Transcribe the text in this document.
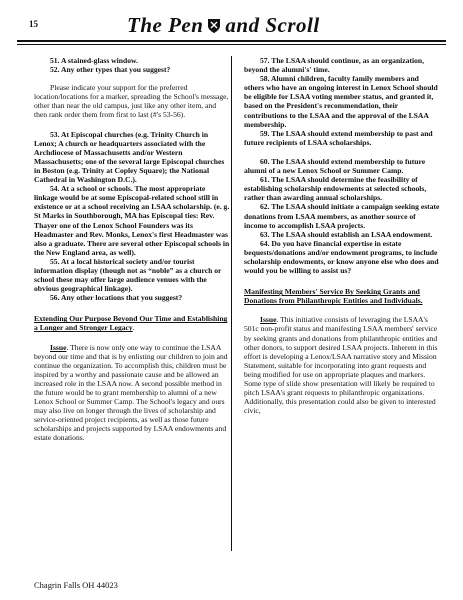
15	The Pen and Scroll

51. A stained-glass window.

52. Any other types that you suggest?

Please indicate your support for the preferred location/locations for a marker, spreading the School's message, other than near the old campus, just like any other item, and then rank order them from first to last (#'s 53-56).

53. At Episcopal churches (e.g. Trinity Church in Lenox; A church or headquarters associated with the Archdiocese of Massachusetts and/or Western Massachusetts; one of the several large Episcopal churches in Boston (e.g. Trinity at Copley Square); the National Cathedral in Washington D.C.).

54. At a school or schools. The most appropriate linkage would be at some Episcopal-related school still in existence or at a school receiving an LSAA scholarship. (e. g. St Marks in Southborough, MA has Episcopal ties: Rev. Thayer one of the Lenox School Founders was its Headmaster and Rev. Monks, Lenox's first Headmaster was also a graduate. There are several other Episcopal schools in the New England area, as well).

55. At a local historical society and/or tourist information display (though not as “noble” as a church or school these may offer large audience venues with the obvious geographical linkage).

56. Any other locations that you suggest?

Extending Our Purpose Beyond Our Time and Establishing a Longer and Stronger Legacy.

Issue. There is now only one way to continue the LSAA beyond our time and that is by enlisting our children to join and continue the organization. To accomplish this, children must be inspired by a worthy and passionate cause and be allowed an increased role in the LSAA now. A second possible method in the future would be to grant membership to alumni of a new Lenox School or Summer Camp. The School's legacy and ours may also live on longer through the lives of scholarship and service-oriented project recipients, as well as those future scholarships and projects supported by LSAA endowments and estate donations.

57. The LSAA should continue, as an organization, beyond the alumni's' time.

58. Alumni children, faculty family members and others who have an ongoing interest in Lenox School should be eligible for LSAA voting member status, and granted it, based on the President's recommendation, their contributions to the LSAA and the approval of the LSAA membership.

59. The LSAA should extend membership to past and future recipients of LSAA scholarships.

60. The LSAA should extend membership to future alumni of a new Lenox School or Summer Camp.

61. The LSAA should determine the feasibility of establishing scholarship endowments at selected schools, rather than awarding annual scholarships.

62. The LSAA should initiate a campaign seeking estate donations from LSAA members, as another source of income to accomplish LSAA projects.

63. The LSAA should establish an LSAA endowment.

64. Do you have financial expertise in estate bequests/donations and/or endowment programs, to include scholarship endowments, or know anyone else who does and would you be willing to assist us?

Manifesting Members' Service By Seeking Grants and Donations from Philanthropic Entities and Individuals.

Issue. This initiative consists of leveraging the LSAA's 501c non-profit status and manifesting LSAA members' service by seeking grants and donations from philanthropic entities and other donors, to support desired LSAA projects. Inherent in this effort is developing a Lenox/LSAA narrative story and Mission Statement, suitable for incorporating into grant requests and being modified for use on appropriate plaques and markers. Some type of slide show presentation will likely be required to pitch LSAA's grant requests to philanthropic organizations. Additionally, this presentation could also be given to interested civic,

Chagrin Falls OH 44023
